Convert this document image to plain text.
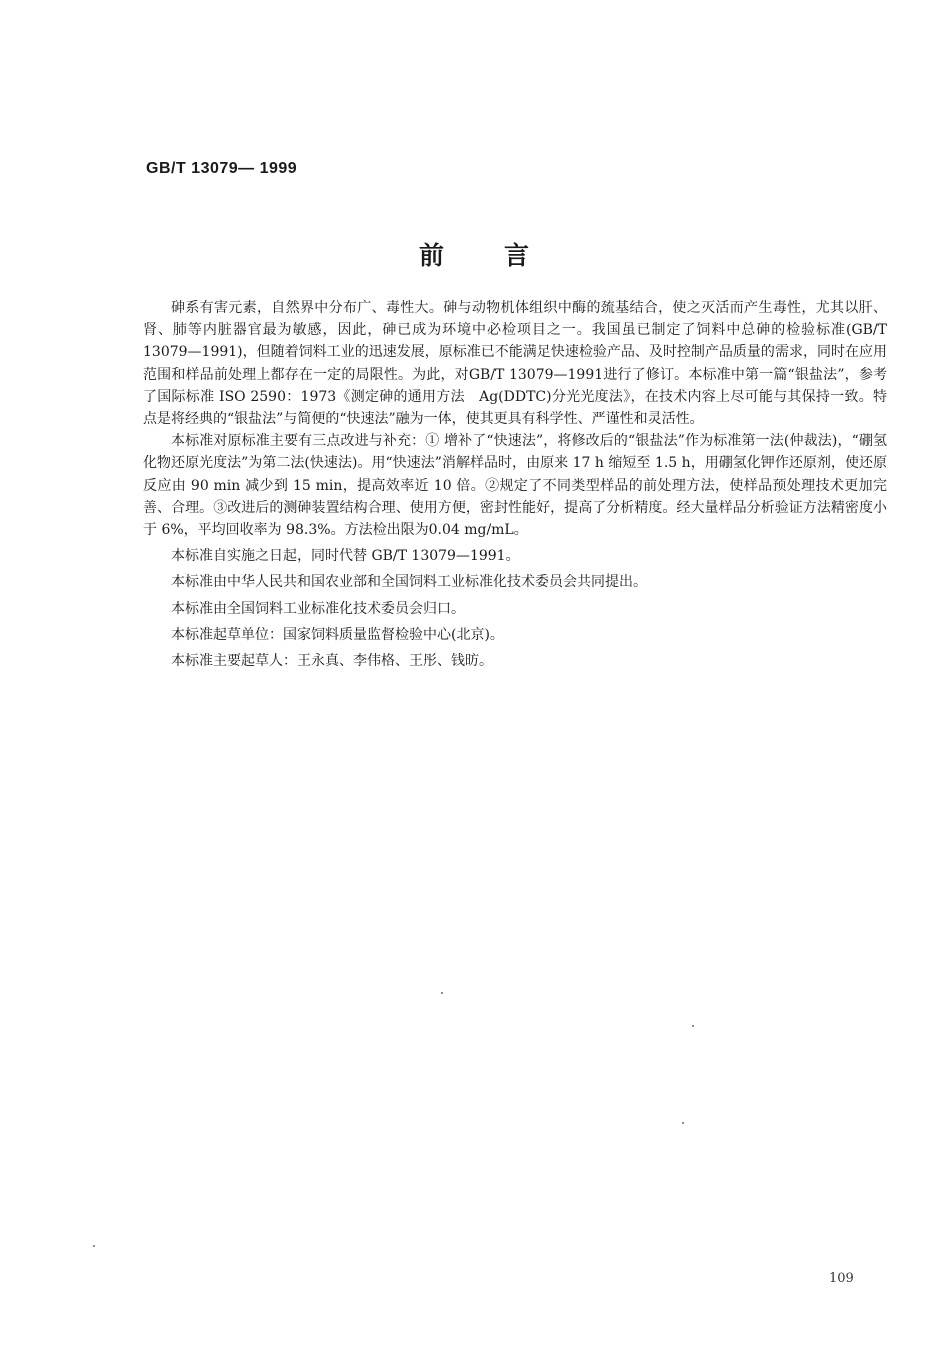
GB/T 13079— 1999
前 言

砷系有害元素，自然界中分布广、毒性大。砷与动物机体组织中酶的巯基结合，使之灭活而产生毒性，尤其以肝、肾、肺等内脏器官最为敏感，因此，砷已成为环境中必检项目之一。我国虽已制定了饲料中总砷的检验标准(GB/T 13079—1991)，但随着饲料工业的迅速发展，原标准已不能满足快速检验产品、及时控制产品质量的需求，同时在应用范围和样品前处理上都存在一定的局限性。为此，对GB/T 13079—1991进行了修订。本标准中第一篇“银盐法”，参考了国际标准 ISO 2590：1973《测定砷的通用方法　Ag(DDTC)分光光度法》，在技术内容上尽可能与其保持一致。特点是将经典的“银盐法”与简便的“快速法”融为一体，使其更具有科学性、严谨性和灵活性。

本标准对原标准主要有三点改进与补充：① 增补了“快速法”，将修改后的“银盐法”作为标准第一法(仲裁法)，“硼氢化物还原光度法”为第二法(快速法)。用“快速法”消解样品时，由原来 17 h 缩短至 1.5 h，用硼氢化钾作还原剂，使还原反应由 90 min 减少到 15 min，提高效率近 10 倍。②规定了不同类型样品的前处理方法，使样品预处理技术更加完善、合理。③改进后的测砷装置结构合理、使用方便，密封性能好，提高了分析精度。经大量样品分析验证方法精密度小于 6%，平均回收率为 98.3%。方法检出限为0.04 mg/mL。

本标准自实施之日起，同时代替 GB/T 13079—1991。

本标准由中华人民共和国农业部和全国饲料工业标准化技术委员会共同提出。

本标准由全国饲料工业标准化技术委员会归口。

本标准起草单位：国家饲料质量监督检验中心(北京)。

本标准主要起草人：王永真、李伟格、王彤、钱昉。

109
